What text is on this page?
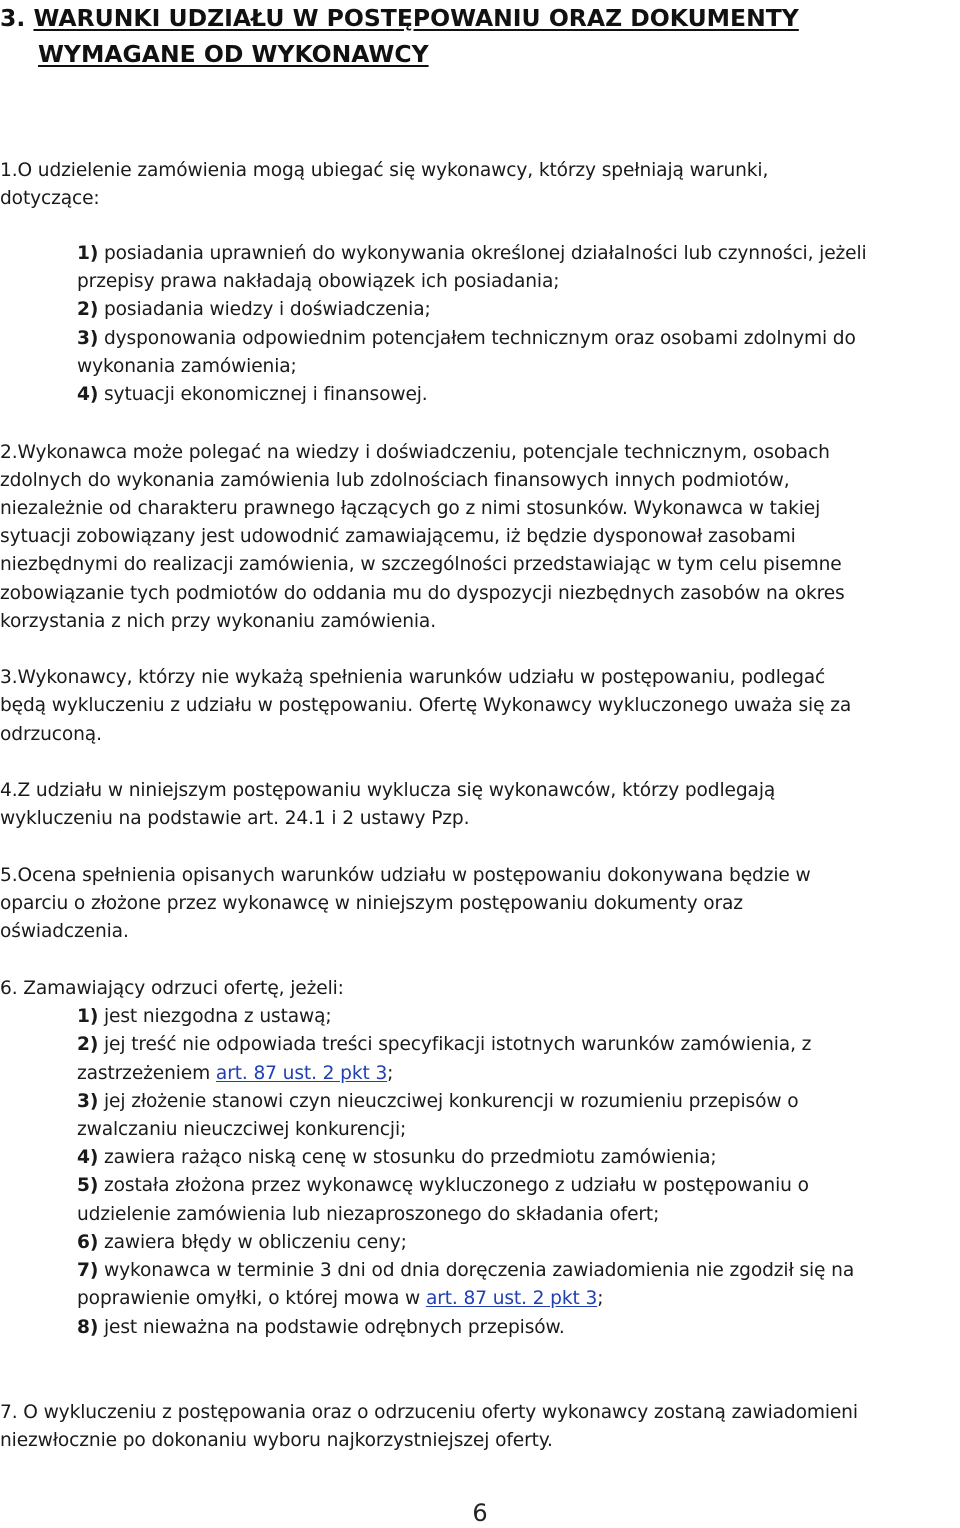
3. WARUNKI UDZIAŁU W POSTĘPOWANIU ORAZ DOKUMENTY
WYMAGANE OD WYKONAWCY
1.O udzielenie zamówienia mogą ubiegać się wykonawcy, którzy spełniają warunki,
dotyczące:
1) posiadania uprawnień do wykonywania określonej działalności lub czynności, jeżeli
przepisy prawa nakładają obowiązek ich posiadania;
2) posiadania wiedzy i doświadczenia;
3) dysponowania odpowiednim potencjałem technicznym oraz osobami zdolnymi do
wykonania zamówienia;
4) sytuacji ekonomicznej i finansowej.
2.Wykonawca może polegać na wiedzy i doświadczeniu, potencjale technicznym, osobach
zdolnych do wykonania zamówienia lub zdolnościach finansowych innych podmiotów,
niezależnie od charakteru prawnego łączących go z nimi stosunków. Wykonawca w takiej
sytuacji zobowiązany jest udowodnić zamawiającemu, iż będzie dysponował zasobami
niezbędnymi do realizacji zamówienia, w szczególności przedstawiając w tym celu pisemne
zobowiązanie tych podmiotów do oddania mu do dyspozycji niezbędnych zasobów na okres
korzystania z nich przy wykonaniu zamówienia.
3.Wykonawcy, którzy nie wykażą spełnienia warunków udziału w postępowaniu, podlegać
będą wykluczeniu z udziału w postępowaniu. Ofertę Wykonawcy wykluczonego uważa się za
odrzuconą.
4.Z udziału w niniejszym postępowaniu wyklucza się wykonawców, którzy podlegają
wykluczeniu na podstawie art. 24.1 i 2 ustawy Pzp.
5.Ocena spełnienia opisanych warunków udziału w postępowaniu dokonywana będzie w
oparciu o złożone przez wykonawcę w niniejszym postępowaniu dokumenty oraz
oświadczenia.
6. Zamawiający odrzuci ofertę, jeżeli:
1) jest niezgodna z ustawą;
2) jej treść nie odpowiada treści specyfikacji istotnych warunków zamówienia, z
zastrzeżeniem art. 87 ust. 2 pkt 3;
3) jej złożenie stanowi czyn nieuczciwej konkurencji w rozumieniu przepisów o
zwalczaniu nieuczciwej konkurencji;
4) zawiera rażąco niską cenę w stosunku do przedmiotu zamówienia;
5) została złożona przez wykonawcę wykluczonego z udziału w postępowaniu o
udzielenie zamówienia lub niezaproszonego do składania ofert;
6) zawiera błędy w obliczeniu ceny;
7) wykonawca w terminie 3 dni od dnia doręczenia zawiadomienia nie zgodził się na
poprawienie omyłki, o której mowa w art. 87 ust. 2 pkt 3;
8) jest nieważna na podstawie odrębnych przepisów.
7. O wykluczeniu z postępowania oraz o odrzuceniu oferty wykonawcy zostaną zawiadomieni
niezwłocznie po dokonaniu wyboru najkorzystniejszej oferty.
6
